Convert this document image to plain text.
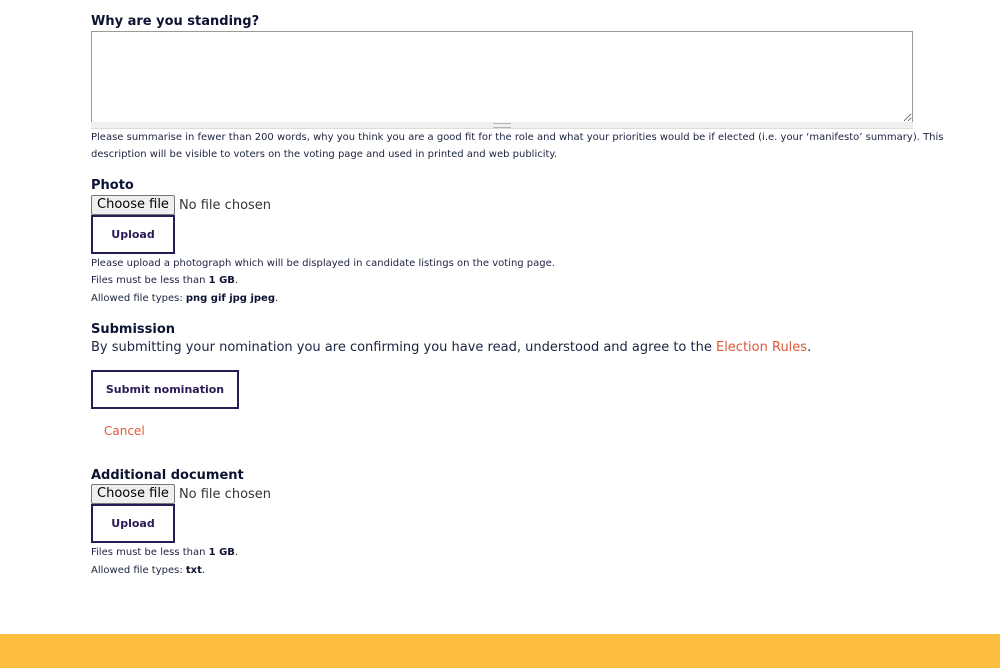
Why are you standing?
Please summarise in fewer than 200 words, why you think you are a good fit for the role and what your priorities would be if elected (i.e. your ‘manifesto’ summary). This
description will be visible to voters on the voting page and used in printed and web publicity.
Photo
Choose file No file chosen
Upload
Please upload a photograph which will be displayed in candidate listings on the voting page.
Files must be less than 1 GB.
Allowed file types: png gif jpg jpeg.
Submission
By submitting your nomination you are confirming you have read, understood and agree to the Election Rules.
Submit nomination
Cancel
Additional document
Choose file No file chosen
Upload
Files must be less than 1 GB.
Allowed file types: txt.
